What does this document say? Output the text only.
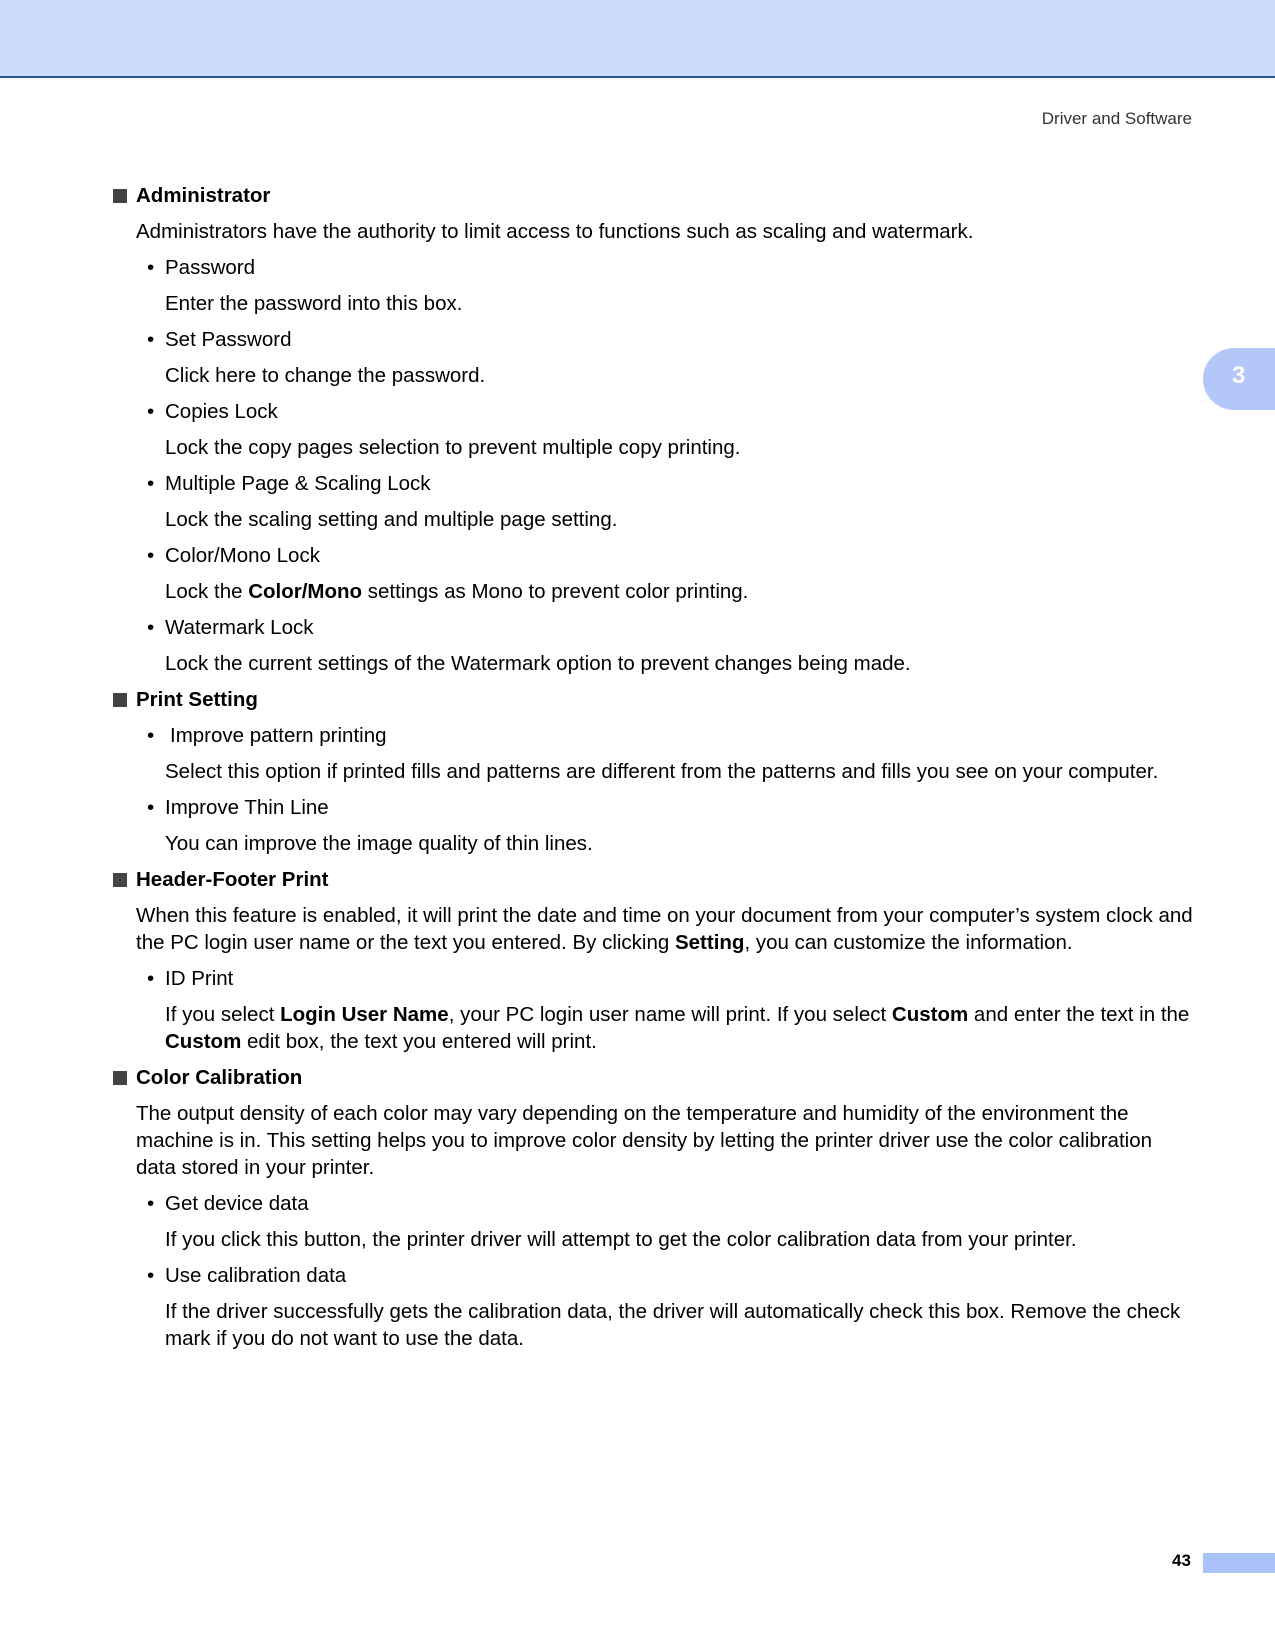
Driver and Software
3
Administrator
Administrators have the authority to limit access to functions such as scaling and watermark.
• Password
Enter the password into this box.
• Set Password
Click here to change the password.
• Copies Lock
Lock the copy pages selection to prevent multiple copy printing.
• Multiple Page & Scaling Lock
Lock the scaling setting and multiple page setting.
• Color/Mono Lock
Lock the Color/Mono settings as Mono to prevent color printing.
• Watermark Lock
Lock the current settings of the Watermark option to prevent changes being made.
Print Setting
• Improve pattern printing
Select this option if printed fills and patterns are different from the patterns and fills you see on your computer.
• Improve Thin Line
You can improve the image quality of thin lines.
Header-Footer Print
When this feature is enabled, it will print the date and time on your document from your computer’s system clock and the PC login user name or the text you entered. By clicking Setting, you can customize the information.
• ID Print
If you select Login User Name, your PC login user name will print. If you select Custom and enter the text in the Custom edit box, the text you entered will print.
Color Calibration
The output density of each color may vary depending on the temperature and humidity of the environment the machine is in. This setting helps you to improve color density by letting the printer driver use the color calibration data stored in your printer.
• Get device data
If you click this button, the printer driver will attempt to get the color calibration data from your printer.
• Use calibration data
If the driver successfully gets the calibration data, the driver will automatically check this box. Remove the check mark if you do not want to use the data.
43
